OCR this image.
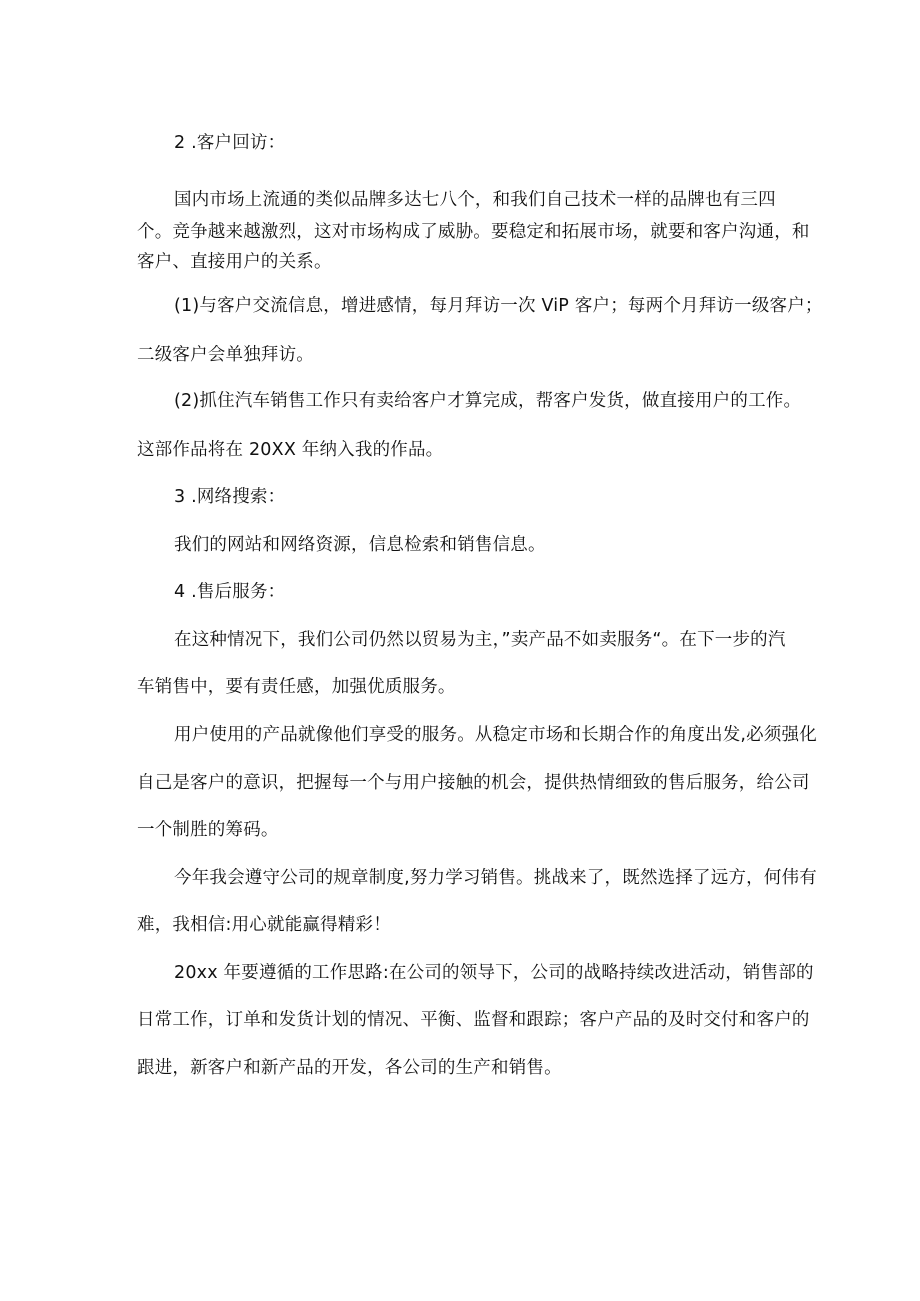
2 .客户回访：
国内市场上流通的类似品牌多达七八个，和我们自己技术一样的品牌也有三四
个。竞争越来越激烈，这对市场构成了威胁。要稳定和拓展市场，就要和客户沟通，和
客户、直接用户的关系。
(1)与客户交流信息，增进感情，每月拜访一次 ViP 客户；每两个月拜访一级客户；
二级客户会单独拜访。
(2)抓住汽车销售工作只有卖给客户才算完成，帮客户发货，做直接用户的工作。
这部作品将在 20XX 年纳入我的作品。
3 .网络搜索：
我们的网站和网络资源，信息检索和销售信息。
4 .售后服务：
在这种情况下，我们公司仍然以贸易为主，”卖产品不如卖服务“。在下一步的汽
车销售中，要有责任感，加强优质服务。
用户使用的产品就像他们享受的服务。从稳定市场和长期合作的角度出发,必须强化
自己是客户的意识，把握每一个与用户接触的机会，提供热情细致的售后服务，给公司
一个制胜的筹码。
今年我会遵守公司的规章制度,努力学习销售。挑战来了，既然选择了远方，何伟有
难，我相信:用心就能赢得精彩！
20xx 年要遵循的工作思路:在公司的领导下，公司的战略持续改进活动，销售部的
日常工作，订单和发货计划的情况、平衡、监督和跟踪；客户产品的及时交付和客户的
跟进，新客户和新产品的开发，各公司的生产和销售。
